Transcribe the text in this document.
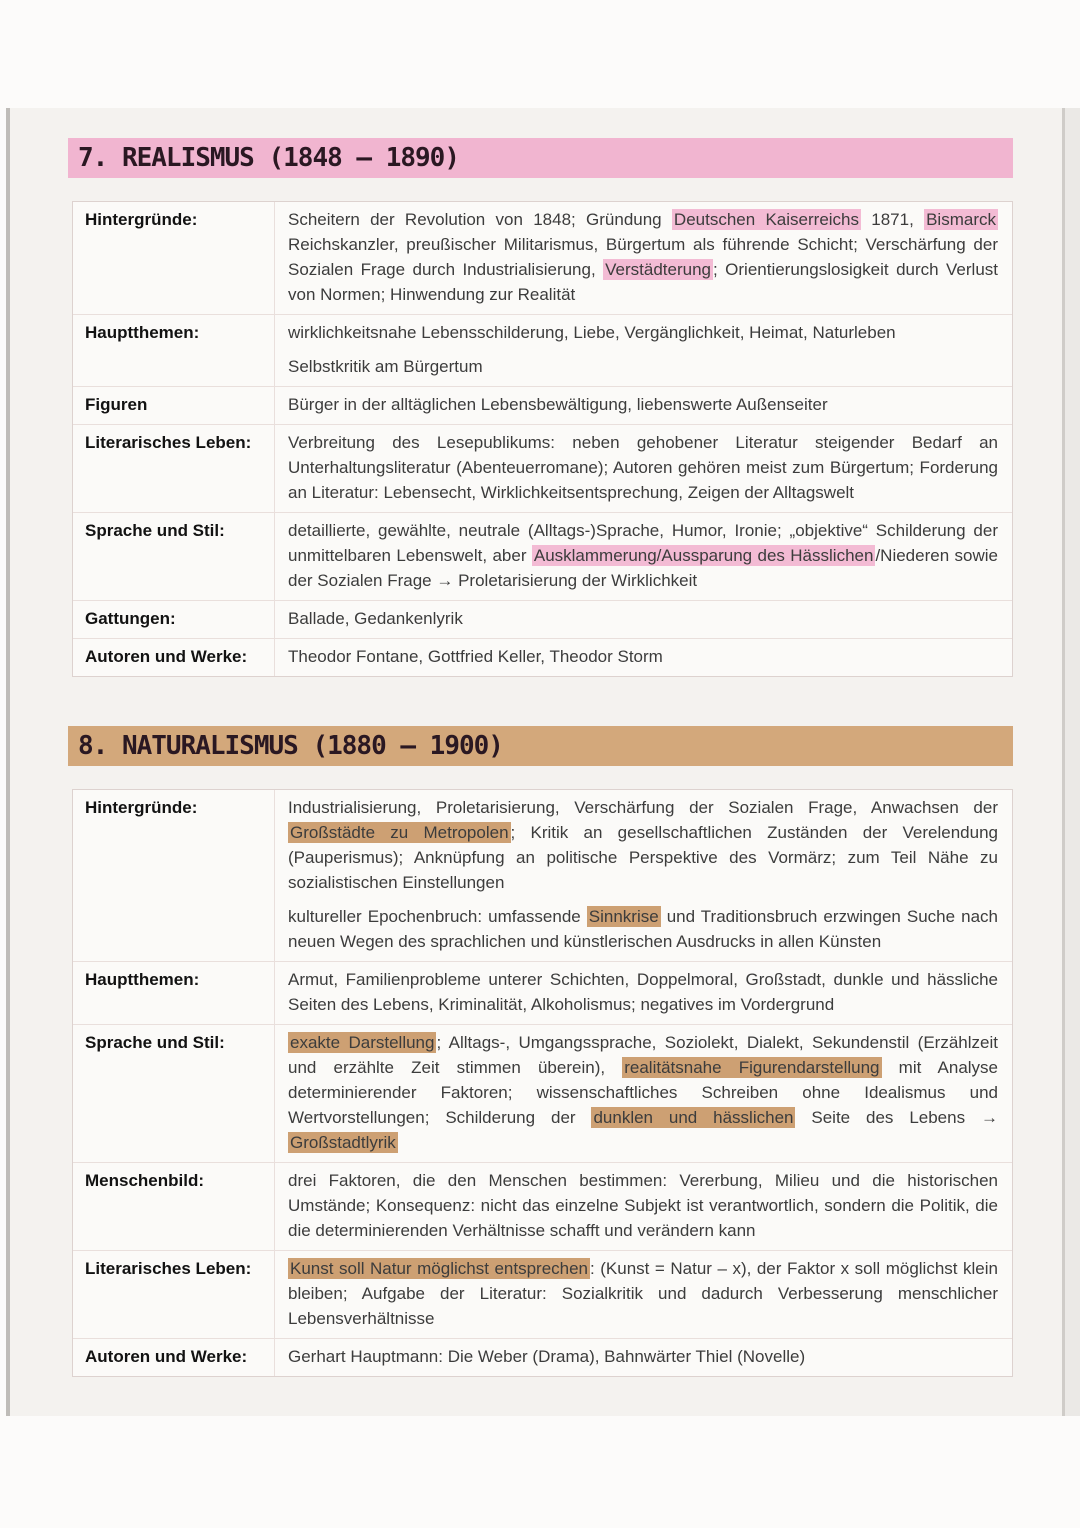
7. REALISMUS (1848 – 1890)
Hintergründe:	Scheitern der Revolution von 1848; Gründung Deutschen Kaiserreichs 1871, Bismarck Reichskanzler, preußischer Militarismus, Bürgertum als führende Schicht; Verschärfung der Sozialen Frage durch Industrialisierung, Verstädterung ; Orientierungslosigkeit durch Verlust von Normen; Hinwendung zur Realität

Hauptthemen:	wirklichkeitsnahe Lebensschilderung, Liebe, Vergänglichkeit, Heimat, Naturleben

Selbstkritik am Bürgertum

Figuren	Bürger in der alltäglichen Lebensbewältigung, liebenswerte Außenseiter

Literarisches Leben:	Verbreitung des Lesepublikums: neben gehobener Literatur steigender Bedarf an Unterhaltungsliteratur (Abenteuerromane); Autoren gehören meist zum Bürgertum; Forderung an Literatur: Lebensecht, Wirklichkeitsentsprechung, Zeigen der Alltagswelt

Sprache und Stil:	detaillierte, gewählte, neutrale (Alltags-)Sprache, Humor, Ironie; „objektive“ Schilderung der unmittelbaren Lebenswelt, aber Ausklammerung/Aussparung des Hässlichen /Niederen sowie der Sozialen Frage → Proletarisierung der Wirklichkeit

Gattungen:	Ballade, Gedankenlyrik

Autoren und Werke:	Theodor Fontane, Gottfried Keller, Theodor Storm

8. NATURALISMUS (1880 – 1900)
Hintergründe:	Industrialisierung, Proletarisierung, Verschärfung der Sozialen Frage, Anwachsen der Großstädte zu Metropolen ; Kritik an gesellschaftlichen Zuständen der Verelendung (Pauperismus); Anknüpfung an politische Perspektive des Vormärz; zum Teil Nähe zu sozialistischen Einstellungen

kultureller Epochenbruch: umfassende Sinnkrise und Traditionsbruch erzwingen Suche nach neuen Wegen des sprachlichen und künstlerischen Ausdrucks in allen Künsten

Hauptthemen:	Armut, Familienprobleme unterer Schichten, Doppelmoral, Großstadt, dunkle und hässliche Seiten des Lebens, Kriminalität, Alkoholismus; negatives im Vordergrund

Sprache und Stil:	exakte Darstellung ; Alltags-, Umgangssprache, Soziolekt, Dialekt, Sekundenstil (Erzählzeit und erzählte Zeit stimmen überein), realitätsnahe Figurendarstellung mit Analyse determinierender Faktoren; wissenschaftliches Schreiben ohne Idealismus und Wertvorstellungen; Schilderung der dunklen und hässlichen Seite des Lebens → Großstadtlyrik

Menschenbild:	drei Faktoren, die den Menschen bestimmen: Vererbung, Milieu und die historischen Umstände; Konsequenz: nicht das einzelne Subjekt ist verantwortlich, sondern die Politik, die die determinierenden Verhältnisse schafft und verändern kann

Literarisches Leben:	Kunst soll Natur möglichst entsprechen : (Kunst = Natur – x), der Faktor x soll möglichst klein bleiben; Aufgabe der Literatur: Sozialkritik und dadurch Verbesserung menschlicher Lebensverhältnisse

Autoren und Werke:	Gerhart Hauptmann: Die Weber (Drama), Bahnwärter Thiel (Novelle)
